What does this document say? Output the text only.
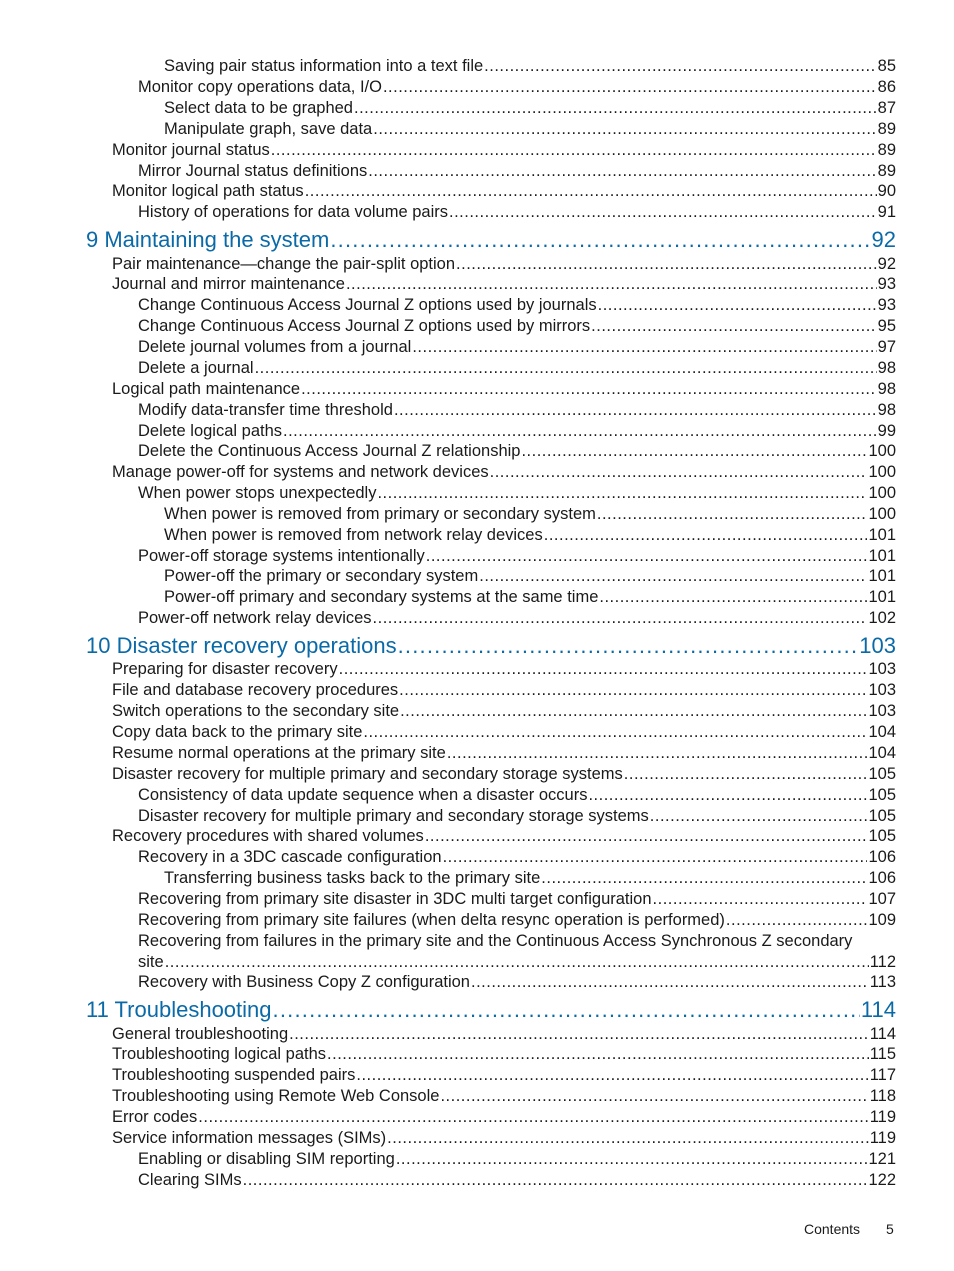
Saving pair status information into a text file .....	85
Monitor copy operations data, I/O .....	86
Select data to be graphed .....	87
Manipulate graph, save data .....	89
Monitor journal status .....	89
Mirror Journal status definitions .....	89
Monitor logical path status .....	90
History of operations for data volume pairs .....	91
9 Maintaining the system .....	92
Pair maintenance—change the pair-split option .....	92
Journal and mirror maintenance .....	93
Change Continuous Access Journal Z options used by journals .....	93
Change Continuous Access Journal Z options used by mirrors .....	95
Delete journal volumes from a journal .....	97
Delete a journal .....	98
Logical path maintenance .....	98
Modify data-transfer time threshold .....	98
Delete logical paths .....	99
Delete the Continuous Access Journal Z relationship .....	100
Manage power-off for systems and network devices .....	100
When power stops unexpectedly .....	100
When power is removed from primary or secondary system .....	100
When power is removed from network relay devices .....	101
Power-off storage systems intentionally .....	101
Power-off the primary or secondary system .....	101
Power-off primary and secondary systems at the same time .....	101
Power-off network relay devices .....	102
10 Disaster recovery operations .....	103
Preparing for disaster recovery .....	103
File and database recovery procedures .....	103
Switch operations to the secondary site .....	103
Copy data back to the primary site .....	104
Resume normal operations at the primary site .....	104
Disaster recovery for multiple primary and secondary storage systems .....	105
Consistency of data update sequence when a disaster occurs .....	105
Disaster recovery for multiple primary and secondary storage systems .....	105
Recovery procedures with shared volumes .....	105
Recovery in a 3DC cascade configuration .....	106
Transferring business tasks back to the primary site .....	106
Recovering from primary site disaster in 3DC multi target configuration .....	107
Recovering from primary site failures (when delta resync operation is performed) .....	109
Recovering from failures in the primary site and the Continuous Access Synchronous Z secondary
site .....	112
Recovery with Business Copy Z configuration .....	113
11 Troubleshooting .....	114
General troubleshooting .....	114
Troubleshooting logical paths .....	115
Troubleshooting suspended pairs .....	117
Troubleshooting using Remote Web Console .....	118
Error codes .....	119
Service information messages (SIMs) .....	119
Enabling or disabling SIM reporting .....	121
Clearing SIMs .....	122
Contents 5
